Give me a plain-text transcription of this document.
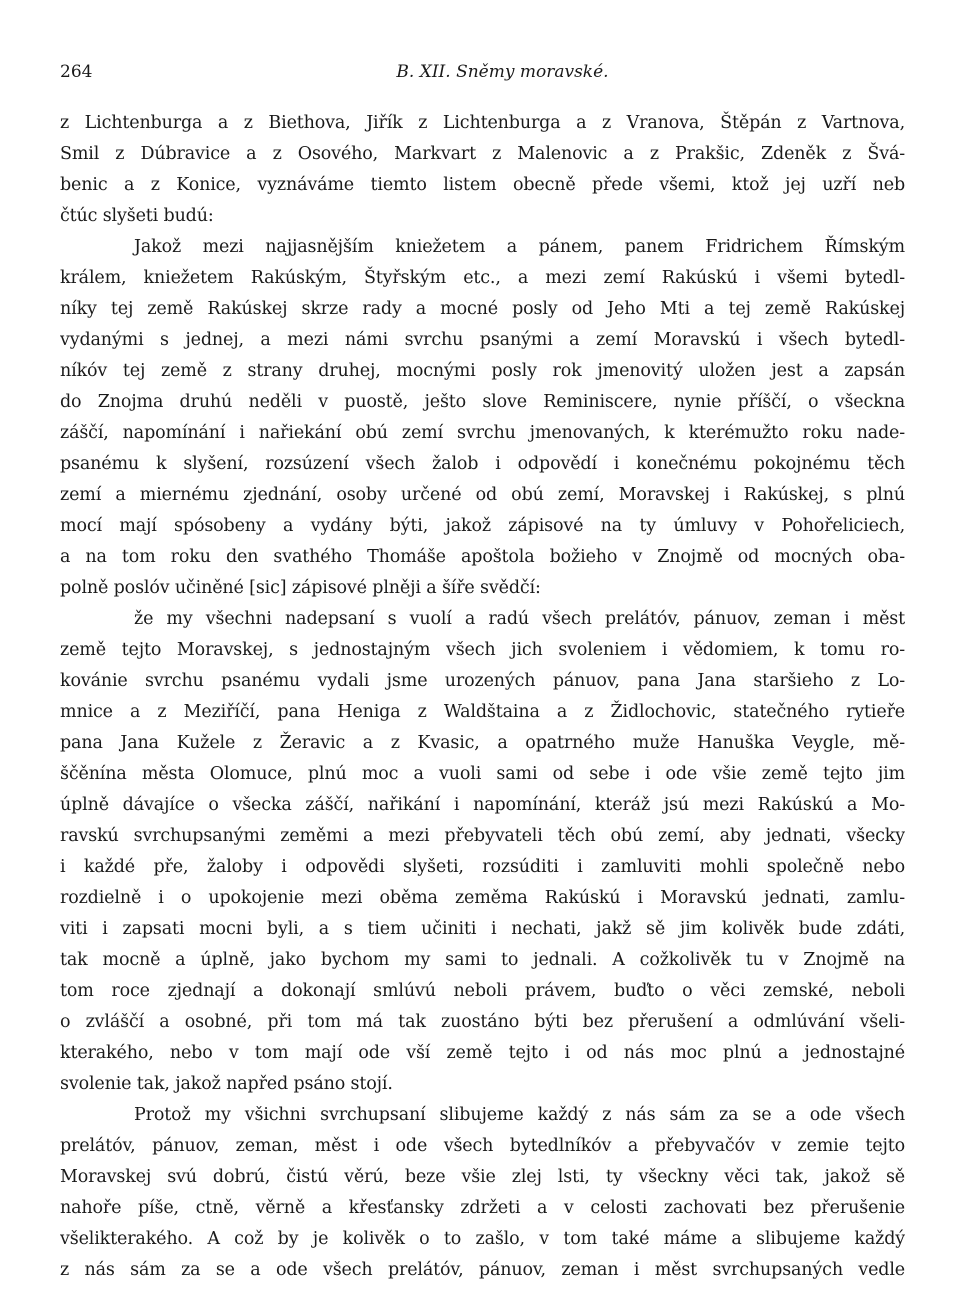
264	B. XII. Sněmy moravské.
z Lichtenburga a z Biethova, Jiřík z Lichtenburga a z Vranova, Štěpán z Vartnova,
Smil z Dúbravice a z Osového, Markvart z Malenovic a z Prakšic, Zdeněk z Švá-
benic a z Konice, vyznáváme tiemto listem obecně přede všemi, ktož jej uzří neb
čtúc slyšeti budú:
Jakož mezi najjasnějším kniežetem a pánem, panem Fridrichem Římským
králem, kniežetem Rakúským, Štyřským etc., a mezi zemí Rakúskú i všemi bytedl-
níky tej země Rakúskej skrze rady a mocné posly od Jeho Mti a tej země Rakúskej
vydanými s jednej, a mezi námi svrchu psanými a zemí Moravskú i všech bytedl-
níkóv tej země z strany druhej, mocnými posly rok jmenovitý uložen jest a zapsán
do Znojma druhú neděli v puostě, ješto slove Reminiscere, nynie příščí, o všeckna
záščí, napomínání i nařiekání obú zemí svrchu jmenovaných, k kterémužto roku nade-
psanému k slyšení, rozsúzení všech žalob i odpovědí i konečnému pokojnému těch
zemí a miernému zjednání, osoby určené od obú zemí, Moravskej i Rakúskej, s plnú
mocí mají spósobeny a vydány býti, jakož zápisové na ty úmluvy v Pohořeliciech,
a na tom roku den svathého Thomáše apoštola božieho v Znojmě od mocných oba-
polně poslóv učiněné [sic] zápisové plněji a šíře svědčí:
že my všechni nadepsaní s vuolí a radú všech prelátóv, pánuov, zeman i měst
země tejto Moravskej, s jednostajným všech jich svoleniem i vědomiem, k tomu ro-
kovánie svrchu psanému vydali jsme urozených pánuov, pana Jana staršieho z Lo-
mnice a z Meziříčí, pana Heniga z Waldštaina a z Židlochovic, statečného rytieře
pana Jana Kužele z Žeravic a z Kvasic, a opatrného muže Hanuška Veygle, mě-
ščěnína města Olomuce, plnú moc a vuoli sami od sebe i ode všie země tejto jim
úplně dávajíce o všecka záščí, nařikání i napomínání, kteráž jsú mezi Rakúskú a Mo-
ravskú svrchupsanými zeměmi a mezi přebyvateli těch obú zemí, aby jednati, všecky
i každé pře, žaloby i odpovědi slyšeti, rozsúditi i zamluviti mohli společně nebo
rozdielně i o upokojenie mezi oběma zeměma Rakúskú i Moravskú jednati, zamlu-
viti i zapsati mocni byli, a s tiem učiniti i nechati, jakž sě jim kolivěk bude zdáti,
tak mocně a úplně, jako bychom my sami to jednali. A cožkolivěk tu v Znojmě na
tom roce zjednají a dokonají smlúvú neboli právem, buďto o věci zemské, neboli
o zvláščí a osobné, při tom má tak zuostáno býti bez přerušení a odmlúvání všeli-
kterakého, nebo v tom mají ode vší země tejto i od nás moc plnú a jednostajné
svolenie tak, jakož napřed psáno stojí.
Protož my všichni svrchupsaní slibujeme každý z nás sám za se a ode všech
prelátóv, pánuov, zeman, měst i ode všech bytedlníkóv a přebyvačóv v zemie tejto
Moravskej svú dobrú, čistú věrú, beze všie zlej lsti, ty všeckny věci tak, jakož sě
nahoře píše, ctně, věrně a křesťansky zdržeti a v celosti zachovati bez přerušenie
všelikterakého. A což by je kolivěk o to zašlo, v tom také máme a slibujeme každý
z nás sám za se a ode všech prelátóv, pánuov, zeman i měst svrchupsaných vedle
